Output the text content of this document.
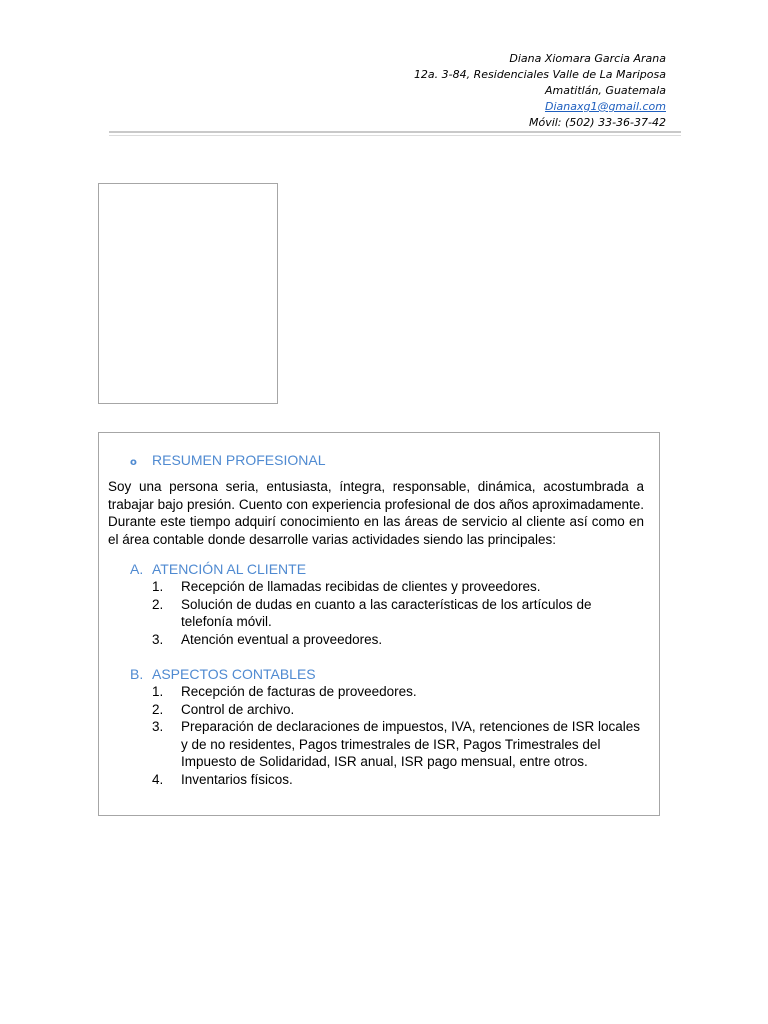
Diana Xiomara Garcia Arana
12a. 3-84, Residenciales Valle de La Mariposa
Amatitlán, Guatemala
Dianaxg1@gmail.com
Móvil: (502) 33-36-37-42
o RESUMEN PROFESIONAL
Soy una persona seria, entusiasta, íntegra, responsable, dinámica, acostumbrada a trabajar bajo presión. Cuento con experiencia profesional de dos años aproximadamente. Durante este tiempo adquirí conocimiento en las áreas de servicio al cliente así como en el área contable donde desarrolle varias actividades siendo las principales:
A. ATENCIÓN AL CLIENTE
1. Recepción de llamadas recibidas de clientes y proveedores.
2. Solución de dudas en cuanto a las características de los artículos de telefonía móvil.
3. Atención eventual a proveedores.
B. ASPECTOS CONTABLES
1. Recepción de facturas de proveedores.
2. Control de archivo.
3. Preparación de declaraciones de impuestos, IVA, retenciones de ISR locales y de no residentes, Pagos trimestrales de ISR, Pagos Trimestrales del Impuesto de Solidaridad, ISR anual, ISR pago mensual, entre otros.
4. Inventarios físicos.
